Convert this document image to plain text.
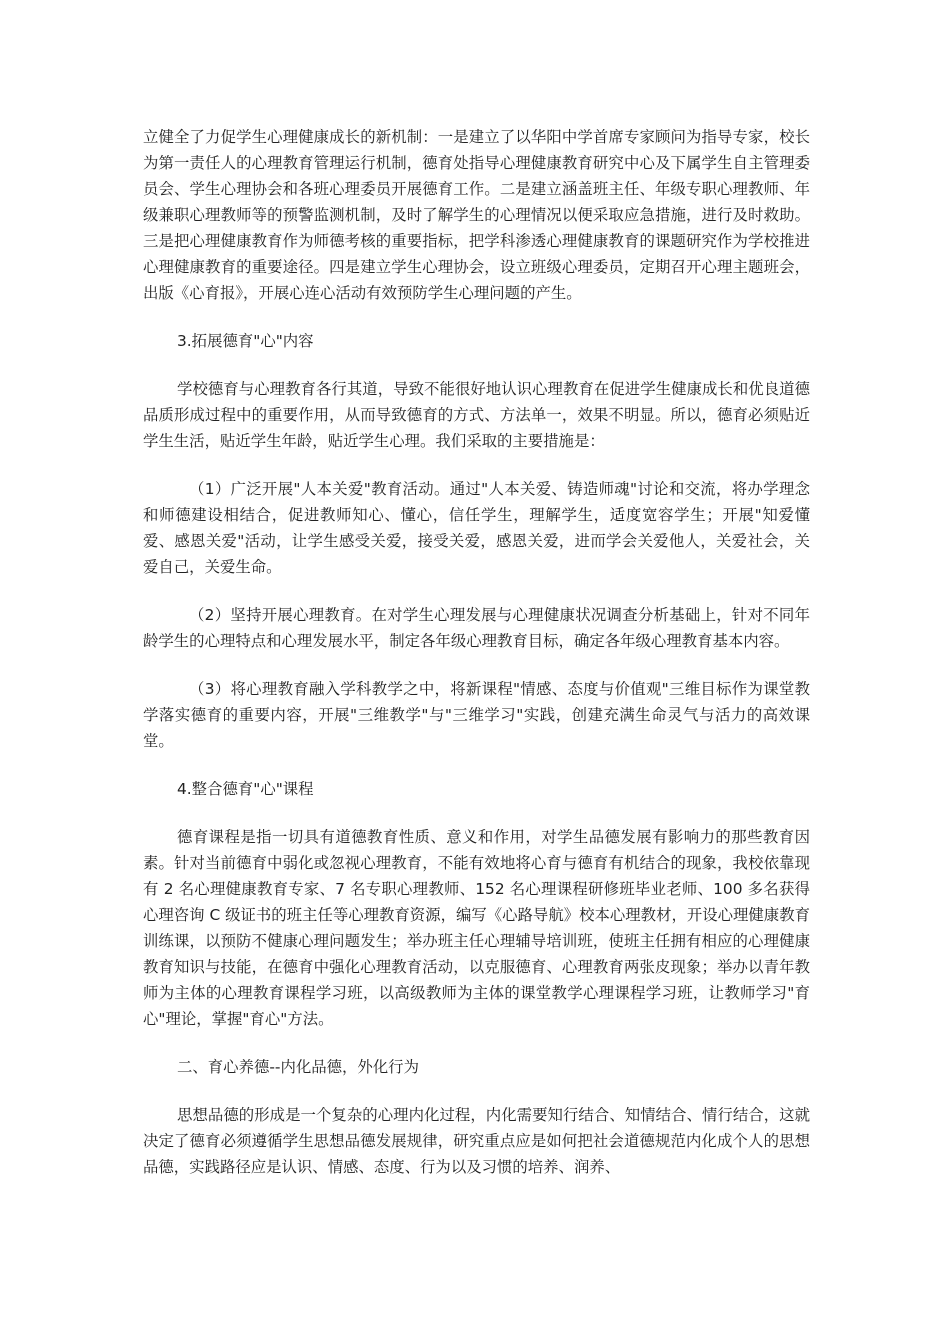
立健全了力促学生心理健康成长的新机制：一是建立了以华阳中学首席专家顾问为指导专家，校长为第一责任人的心理教育管理运行机制，德育处指导心理健康教育研究中心及下属学生自主管理委员会、学生心理协会和各班心理委员开展德育工作。二是建立涵盖班主任、年级专职心理教师、年级兼职心理教师等的预警监测机制，及时了解学生的心理情况以便采取应急措施，进行及时救助。三是把心理健康教育作为师德考核的重要指标，把学科渗透心理健康教育的课题研究作为学校推进心理健康教育的重要途径。四是建立学生心理协会，设立班级心理委员，定期召开心理主题班会，出版《心育报》，开展心连心活动有效预防学生心理问题的产生。

3.拓展德育"心"内容

学校德育与心理教育各行其道，导致不能很好地认识心理教育在促进学生健康成长和优良道德品质形成过程中的重要作用，从而导致德育的方式、方法单一，效果不明显。所以，德育必须贴近学生生活，贴近学生年龄，贴近学生心理。我们采取的主要措施是：

（1）广泛开展"人本关爱"教育活动。通过"人本关爱、铸造师魂"讨论和交流，将办学理念和师德建设相结合，促进教师知心、懂心，信任学生，理解学生，适度宽容学生；开展"知爱懂爱、感恩关爱"活动，让学生感受关爱，接受关爱，感恩关爱，进而学会关爱他人，关爱社会，关爱自己，关爱生命。

（2）坚持开展心理教育。在对学生心理发展与心理健康状况调查分析基础上，针对不同年龄学生的心理特点和心理发展水平，制定各年级心理教育目标，确定各年级心理教育基本内容。

（3）将心理教育融入学科教学之中，将新课程"情感、态度与价值观"三维目标作为课堂教学落实德育的重要内容，开展"三维教学"与"三维学习"实践，创建充满生命灵气与活力的高效课堂。

4.整合德育"心"课程

德育课程是指一切具有道德教育性质、意义和作用，对学生品德发展有影响力的那些教育因素。针对当前德育中弱化或忽视心理教育，不能有效地将心育与德育有机结合的现象，我校依靠现有 2 名心理健康教育专家、7 名专职心理教师、152 名心理课程研修班毕业老师、100 多名获得心理咨询 C 级证书的班主任等心理教育资源，编写《心路导航》校本心理教材，开设心理健康教育训练课，以预防不健康心理问题发生；举办班主任心理辅导培训班，使班主任拥有相应的心理健康教育知识与技能，在德育中强化心理教育活动，以克服德育、心理教育两张皮现象；举办以青年教师为主体的心理教育课程学习班，以高级教师为主体的课堂教学心理课程学习班，让教师学习"育心"理论，掌握"育心"方法。

二、育心养德--内化品德，外化行为

思想品德的形成是一个复杂的心理内化过程，内化需要知行结合、知情结合、情行结合，这就决定了德育必须遵循学生思想品德发展规律，研究重点应是如何把社会道德规范内化成个人的思想品德，实践路径应是认识、情感、态度、行为以及习惯的培养、润养、
